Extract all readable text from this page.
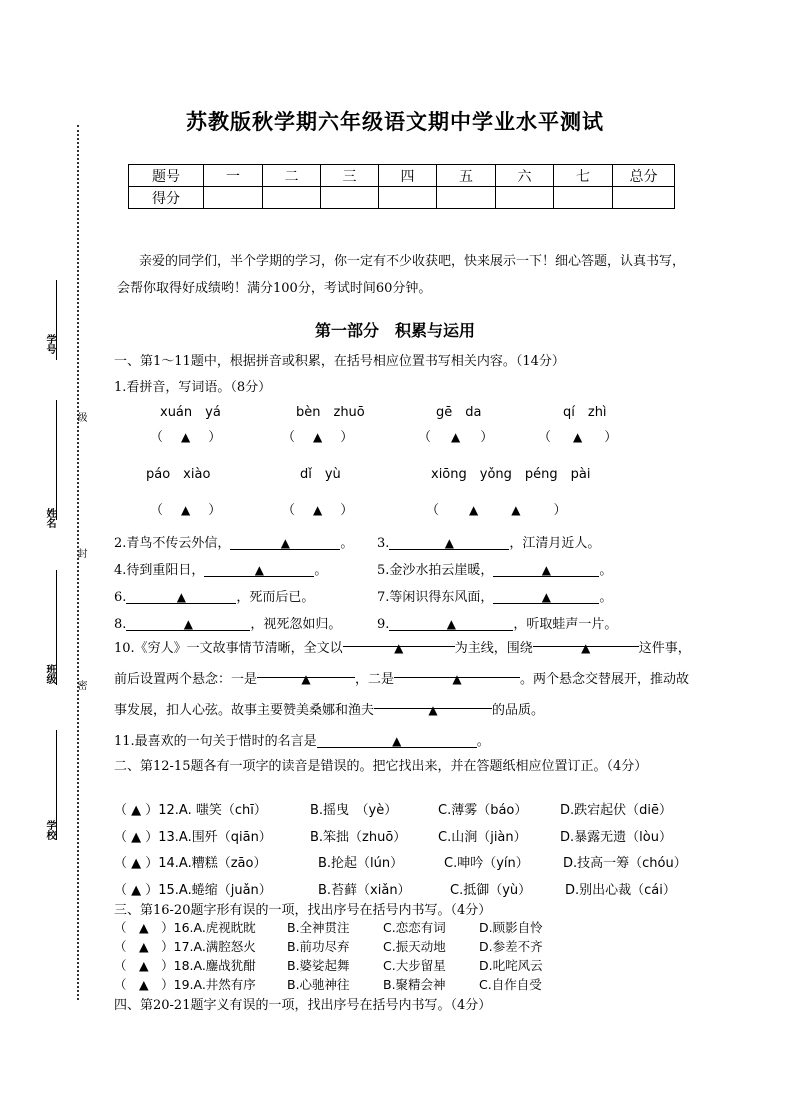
学号
姓名
班级
学校
级
封
密
苏教版秋学期六年级语文期中学业水平测试
题号	一	二	三	四	五	六	七	总分
得分								
亲爱的同学们，半个学期的学习，你一定有不少收获吧，快来展示一下！细心答题，认真书写，会帮你取得好成绩哟！满分100分，考试时间60分钟。
第一部分　积累与运用
一、第1～11题中，根据拼音或积累，在括号相应位置书写相关内容。（14分）
1.看拼音，写词语。（8分）
xuán　yá	bèn　zhuō	gē　da	qí　zhì
（ ▲ ）	（ ▲ ）	（ ▲ ）	（ ▲ ）
páo　xiào	dǐ　yù	xiōng　yǒng　péng　pài
（ ▲ ）	（ ▲ ）	（	▲	▲	）
2.青鸟不传云外信，	▲	。 3.	▲	，江清月近人。
4.待到重阳日，	▲	。	5.金沙水拍云崖暖，	▲	。
6.	▲	，死而后已。	7.等闲识得东风面，	▲	。
8.	▲	，视死忽如归。	9.	▲	，听取蛙声一片。
10.《穷人》一文故事情节清晰，全文以	▲	为主线，围绕	▲	这件事，前后设置两个悬念：一是	▲	，二是	▲	。两个悬念交替展开，推动故事发展，扣人心弦。故事主要赞美桑娜和渔夫	▲	的品质。
11.最喜欢的一句关于惜时的名言是	▲	。
二、第12-15题各有一项字的读音是错误的。把它找出来，并在答题纸相应位置订正。（4分）
（ ▲ ）12.A. 嗤笑（chī）	B.摇曳　（yè）	C.薄雾（báo）	D.跌宕起伏（diē）
（ ▲ ）13.A.围歼（qiān）	B.笨拙（zhuō） C.山涧（jiàn）	D.暴露无遗（lòu）
（ ▲ ）14.A.糟糕（zāo）	B.抡起（lún）	C.呻吟（yín）	D.技高一筹（chóu）
（ ▲ ）15.A.蜷缩（juǎn）	B.苔藓（xiǎn）	C.抵御（yù）	D.别出心裁（cái）
三、第16-20题字形有误的一项，找出序号在括号内书写。（4分）
（　▲　）16.A.虎视眈眈 B.全神贯注	C.恋恋有词	D.顾影自怜
（　▲　）17.A.满腔怒火 B.前功尽弃	C.振天动地	D.参差不齐
（　▲　）18.A.鏖战犹酣 B.婆娑起舞	C.大步留星	D.叱咤风云
（　▲　）19.A.井然有序 B.心驰神往	B.聚精会神	C.自作自受
四、第20-21题字义有误的一项，找出序号在括号内书写。（4分）
